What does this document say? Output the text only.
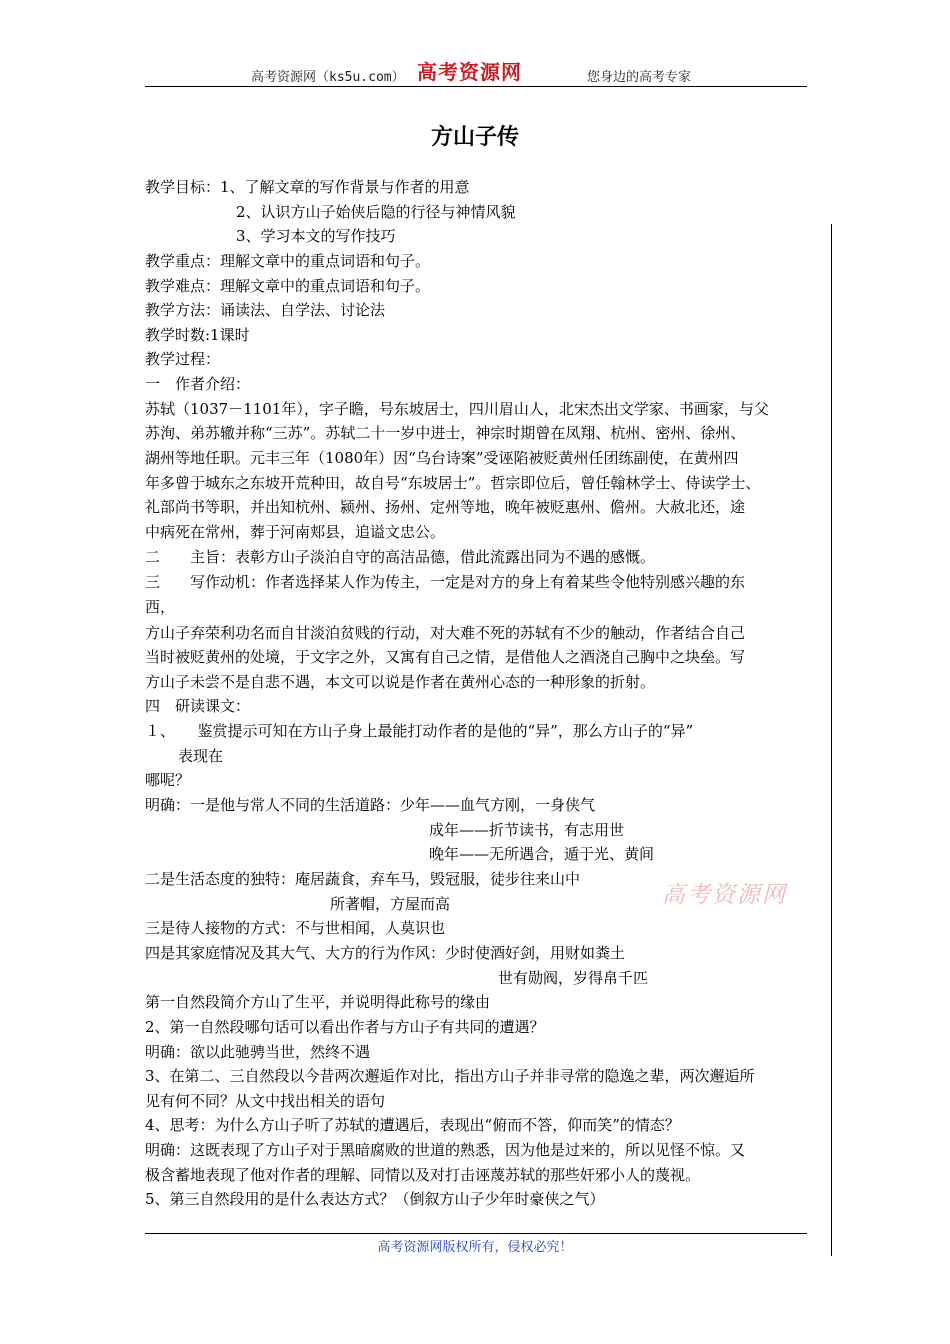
高考资源网（ks5u.com） 高考资源网	您身边的高考专家
方山子传
教学目标：1、了解文章的写作背景与作者的用意
2、认识方山子始侠后隐的行径与神情风貌
3、学习本文的写作技巧
教学重点：理解文章中的重点词语和句子。
教学难点：理解文章中的重点词语和句子。
教学方法：诵读法、自学法、讨论法
教学时数:1课时
教学过程：
一　作者介绍：
苏轼（1037－1101年），字子瞻，号东坡居士，四川眉山人，北宋杰出文学家、书画家，与父
苏洵、弟苏辙并称“三苏”。苏轼二十一岁中进士，神宗时期曾在凤翔、杭州、密州、徐州、
湖州等地任职。元丰三年（1080年）因“乌台诗案”受诬陷被贬黄州任团练副使，在黄州四
年多曾于城东之东坡开荒种田，故自号“东坡居士”。哲宗即位后，曾任翰林学士、侍读学士、
礼部尚书等职，并出知杭州、颍州、扬州、定州等地，晚年被贬惠州、儋州。大赦北还，途
中病死在常州，葬于河南郏县，追谥文忠公。
二　　主旨：表彰方山子淡泊自守的高洁品德，借此流露出同为不遇的感慨。
三　　写作动机：作者选择某人作为传主，一定是对方的身上有着某些令他特别感兴趣的东
西，
方山子弃荣利功名而自甘淡泊贫贱的行动，对大难不死的苏轼有不少的触动，作者结合自己
当时被贬黄州的处境，于文字之外，又寓有自己之情，是借他人之酒浇自己胸中之块垒。写
方山子未尝不是自悲不遇，本文可以说是作者在黄州心态的一种形象的折射。
四　研读课文：
１、　　鉴赏提示可知在方山子身上最能打动作者的是他的“异”，那么方山子的“异”
表现在
哪呢？
明确：一是他与常人不同的生活道路：少年——血气方刚，一身侠气
成年——折节读书，有志用世
晚年——无所遇合，遁于光、黄间
二是生活态度的独特：庵居蔬食，弃车马，毁冠服，徒步往来山中
所著帽，方屋而高
三是待人接物的方式：不与世相闻，人莫识也
四是其家庭情况及其大气、大方的行为作风：少时使酒好剑，用财如粪土
世有勋阀，岁得帛千匹
第一自然段简介方山了生平，并说明得此称号的缘由
2、第一自然段哪句话可以看出作者与方山子有共同的遭遇？
明确：欲以此驰骋当世，然终不遇
3、在第二、三自然段以今昔两次邂逅作对比，指出方山子并非寻常的隐逸之辈，两次邂逅所
见有何不同？从文中找出相关的语句
4、思考：为什么方山子听了苏轼的遭遇后，表现出“俯而不答，仰而笑”的情态？
明确：这既表现了方山子对于黑暗腐败的世道的熟悉，因为他是过来的，所以见怪不惊。又
极含蓄地表现了他对作者的理解、同情以及对打击诬蔑苏轼的那些奸邪小人的蔑视。
5、第三自然段用的是什么表达方式？（倒叙方山子少年时豪侠之气）
高考资源网
高考资源网版权所有，侵权必究！
